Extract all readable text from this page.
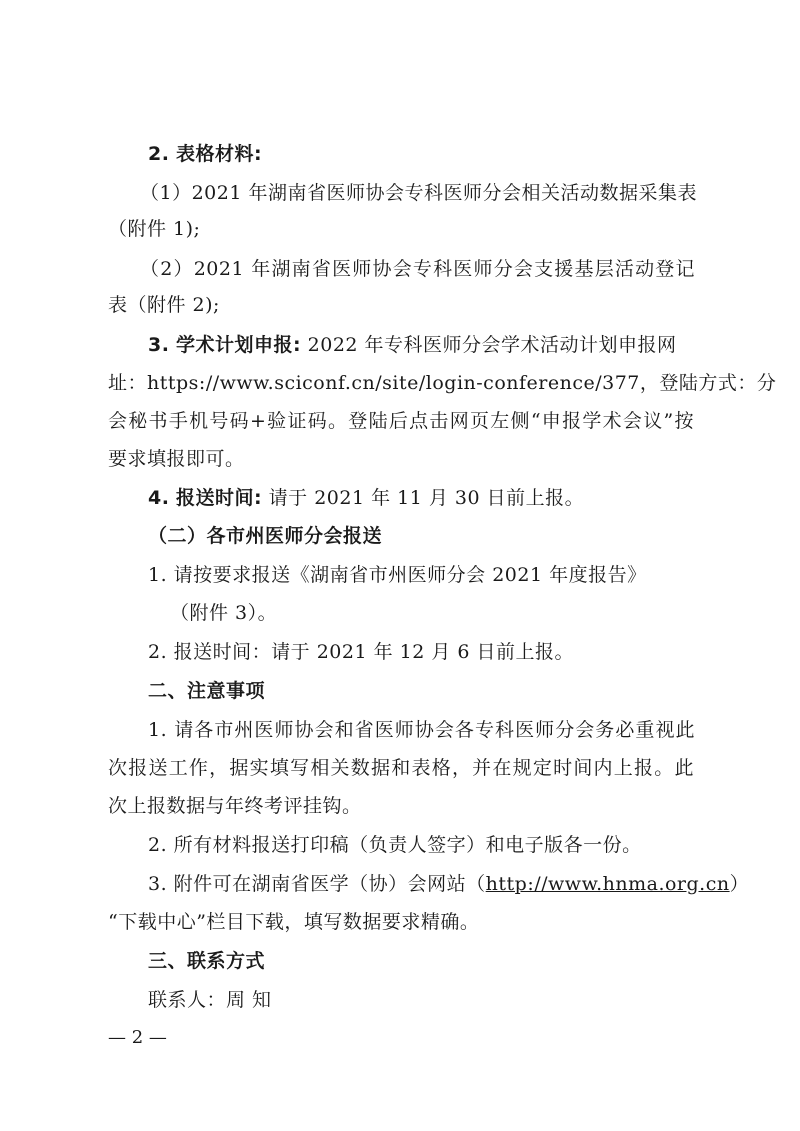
2. 表格材料:
（1）2021 年湖南省医师协会专科医师分会相关活动数据采集表
（附件 1);
（2）2021 年湖南省医师协会专科医师分会支援基层活动登记
表（附件 2);
3. 学术计划申报: 2022 年专科医师分会学术活动计划申报网
址：https://www.sciconf.cn/site/login-conference/377，登陆方式：分
会秘书手机号码+验证码。登陆后点击网页左侧“申报学术会议”按
要求填报即可。
4. 报送时间: 请于 2021 年 11 月 30 日前上报。
（二）各市州医师分会报送
1. 请按要求报送《湖南省市州医师分会 2021 年度报告》
（附件 3）。
2. 报送时间：请于 2021 年 12 月 6 日前上报。
二、注意事项
1. 请各市州医师协会和省医师协会各专科医师分会务必重视此
次报送工作，据实填写相关数据和表格，并在规定时间内上报。此
次上报数据与年终考评挂钩。
2. 所有材料报送打印稿（负责人签字）和电子版各一份。
3. 附件可在湖南省医学（协）会网站（http://www.hnma.org.cn）
“下载中心”栏目下载，填写数据要求精确。
三、联系方式
联系人：周 知
— 2 —
